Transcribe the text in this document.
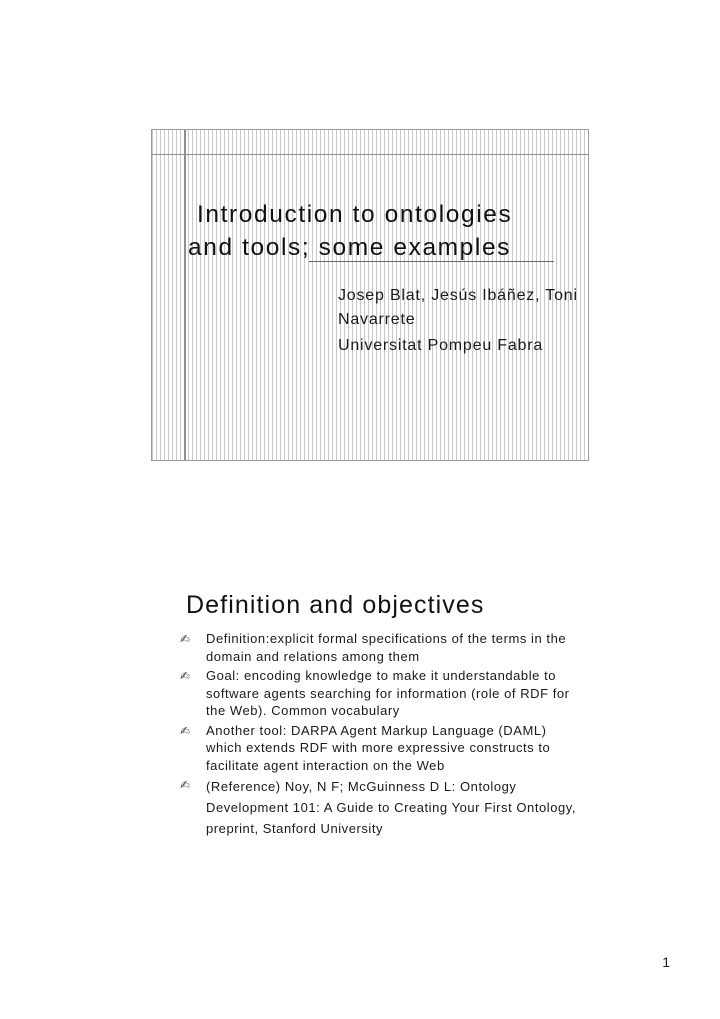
Introduction to ontologies
and tools; some examples
Josep Blat, Jesús Ibáñez, Toni Navarrete
Universitat Pompeu Fabra
Definition and objectives
✍ Definition:explicit formal specifications of the terms in the domain and relations among them
✍ Goal: encoding knowledge to make it understandable to software agents searching for information (role of RDF for the Web). Common vocabulary
✍ Another tool: DARPA Agent Markup Language (DAML) which extends RDF with more expressive constructs to facilitate agent interaction on the Web
✍ (Reference) Noy, N F; McGuinness D L: Ontology Development 101: A Guide to Creating Your First Ontology, preprint, Stanford University
1
